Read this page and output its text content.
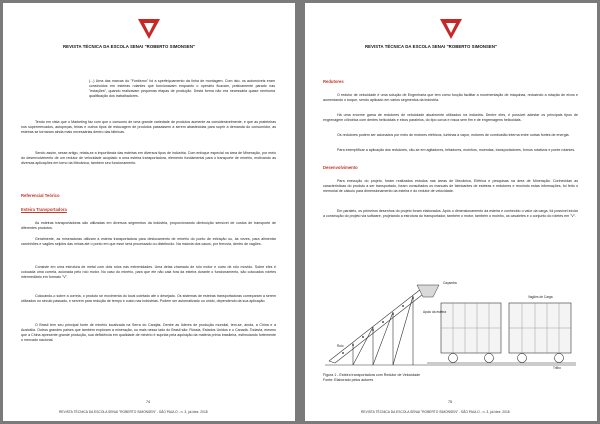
REVISTA TÉCNICA DA ESCOLA SENAI "ROBERTO SIMONSEN"

(...) Uma das marcas do "Fordismo" foi a sperfeiçoamento da linha de montagem. Com isto, os automóveis eram construídos em esteiras rolantes que funcionavam enquanto o operário ficavam, praticamente parado nas "estações", quando realizavam pequenas etapas de produção. Desta forma não era necessária quase nenhuma qualificação dos trabalhadores.

Tendo em vista que o Marketing faz com que o consumo de uma grande variedade de produtos aumente as considerávelmente, e que as prateleiras nos supermercados, autopeças, feiras e outros tipos de estocagem de produtos passassem a serem abastecidas para suprir a demanda do consumidor, as esteiras se tornaram ainda mais necessárias dentro das fábricas.

Sendo assim, nesse artigo, relata-se a importância das esteiras em diversos tipos de indústria. Com enfoque especial na área de Mineração, por meio do desenvolvimento de um redutor de velocidade acoplado a uma esteira transportadora, elemento fundamental para o transporte de minério, motivando as diversas aplicações em torno da Mecânica, também seu funcionamento.

Referencial Teórico

Esteira Transportadora

As esteiras transportadoras são utilizadas em diversos segmentos da indústria, proporcionando diminuição sensível de custos de transporte de diferentes produtos.

Geralmente, as mineradoras utilizam a esteira transportadora para deslocamento de minério do ponto de extração ou, às vezes, para alimentar caminhões e vagões sejidos das minas até o ponto em que esse será processado ou distribuído. Na maioria dos casos, por ferrovia, dentro de vagões.

Consiste em uma estrutura de metal com dois rolos nas extremidades. Uma delas chamado de rolo motor e outro de rolo movido. Sobre eles é colocada uma correia, acionada pelo rolo motor. No caso do minério, para que ele não caia fora da esteira durante o funcionamento, são colocados roletes intermediário em formato "V".

Colocando-o sobre a correia, o produto se movimenta do local coletado até o desejado. Os sistemas de esteiras transportadoras começaram a serem utilizados no século passado, e servem para redução de tempo e custo nas Indústrias. Podem ser automatizado ou unido, dependendo da sua aplicação.

O Brasil tem seu principal fonte de minério localizada na Serra do Carajás. Dentre as líderes de produção mundial, tem-se, ainda, a China e a Austrália. Outros grandes países que também exploram a mineração, ou mais nesso lado do Brasil são: Rússia, Estados Unidos e o Canadá. Todavia, mesmo que a China apresente grande produção, sua deficiência em qualidade de minério é suprida pela aquisição da matéria prima brasileira, estimulando fortemente o mercado nacional.

74
REVISTA TÉCNICA DA ESCOLA SENAI "ROBERTO SIMONSEN" - SÃO PAULO - n. 3, jul./dez. 2018
REVISTA TÉCNICA DA ESCOLA SENAI "ROBERTO SIMONSEN"

Redutores

O redutor de velocidade é uma solução de Engenharia que tem como função facilitar a movimentação de máquinas, reduzindo a rotação de eixos e aumentando o torque, sendo aplicado em vários segmentos da indústria.

Há uma enorme gama de redutores de velocidade atualmente utilizados na indústria. Dentre eles, é possível adestar os principais tipos de engrenagem cilíndrica com dentes helicoidais e eixos paralelos, do tipo coroa e rosca sem fim e de engrenagens helicoidais.

Os redutores podem ser acionados por meio de motores elétricos, turbinas a vapor, motores de combustão interna entre outras fontes de energia.

Para exemplificar a aplicação dos redutores, cito-se em agitadores, britadores, moinhos, moendas, transportadores, fornos rotativos e ponte rolantes.

Desenvolvimento

Para execução do projeto, foram realizados estudos nas áreas de Mecânica, Elétrica e pesquisas na área de Mineração. Conhecidas as características do produto a ser transportado, foram consultados os manuais de fabricantes de esteiras e redutores e reunindo estas informações, foi feito o memorial de cálculo para dimensionamento da esteira e do redutor de velocidade.

Em paralelo, os primeiros desenhos do projeto foram elaborados. Após o dimensionamento da esteira e conhecido o valor da carga, foi possível iniciar a construção do projeto via software, projetando a estrutura do transportador, também o motor, também o moinho, os cavaletes e o conjunto do roletes em "V".

Caçamba
Apoio da esteira
Rolo
Vagões de Carga
Trilho

Figura 1 - Esteira transportadora com Redutor de Velocidade
Fonte: Elaborado pelos autores

75
REVISTA TÉCNICA DA ESCOLA SENAI "ROBERTO SIMONSEN" - SÃO PAULO - n. 3, jul./dez. 2018
